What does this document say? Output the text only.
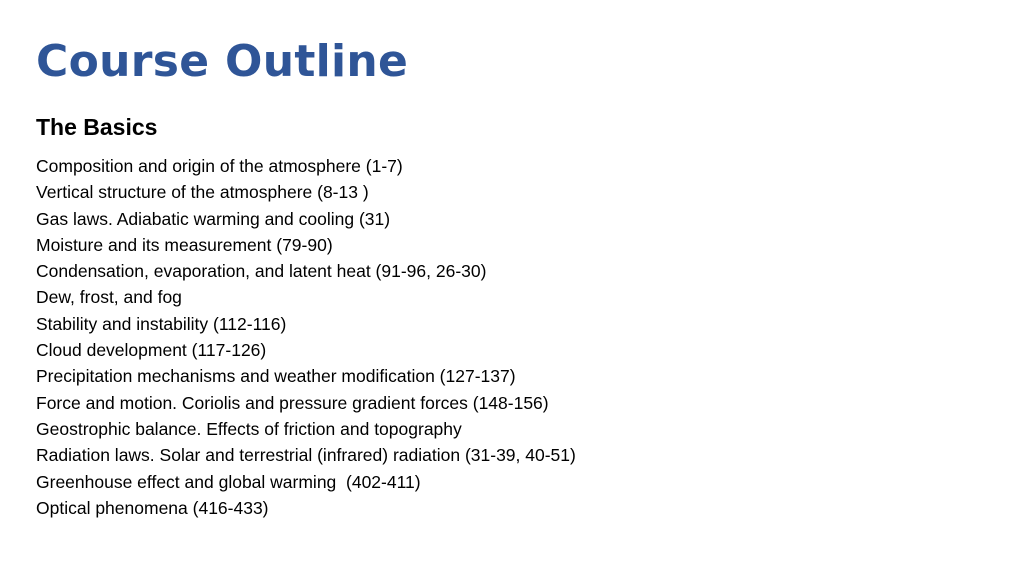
Course Outline
The Basics
Composition and origin of the atmosphere (1-7)
Vertical structure of the atmosphere (8-13 )
Gas laws. Adiabatic warming and cooling (31)
Moisture and its measurement (79-90)
Condensation, evaporation, and latent heat (91-96, 26-30)
Dew, frost, and fog
Stability and instability (112-116)
Cloud development (117-126)
Precipitation mechanisms and weather modification (127-137)
Force and motion. Coriolis and pressure gradient forces (148-156)
Geostrophic balance. Effects of friction and topography
Radiation laws. Solar and terrestrial (infrared) radiation (31-39, 40-51)
Greenhouse effect and global warming  (402-411)
Optical phenomena (416-433)
